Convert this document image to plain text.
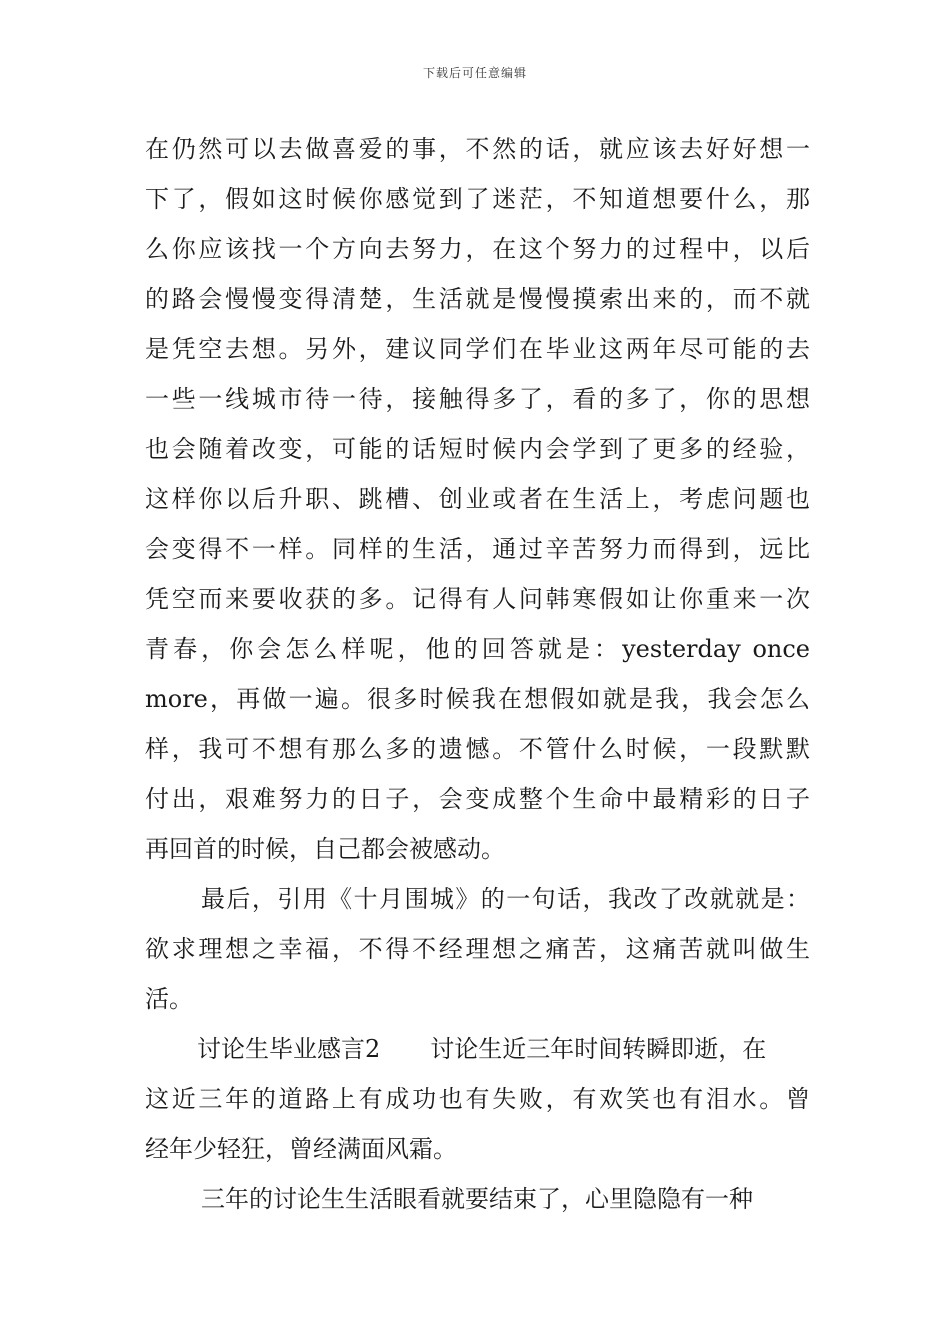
下载后可任意编辑
在仍然可以去做喜爱的事，不然的话，就应该去好好想一
下了，假如这时候你感觉到了迷茫，不知道想要什么，那
么你应该找一个方向去努力，在这个努力的过程中，以后
的路会慢慢变得清楚，生活就是慢慢摸索出来的，而不就
是凭空去想。另外，建议同学们在毕业这两年尽可能的去
一些一线城市待一待，接触得多了，看的多了，你的思想
也会随着改变，可能的话短时候内会学到了更多的经验，
这样你以后升职、跳槽、创业或者在生活上，考虑问题也
会变得不一样。同样的生活，通过辛苦努力而得到，远比
凭空而来要收获的多。记得有人问韩寒假如让你重来一次
青春，你会怎么样呢，他的回答就是：yesterday once
more，再做一遍。很多时候我在想假如就是我，我会怎么
样，我可不想有那么多的遗憾。不管什么时候，一段默默
付出，艰难努力的日子，会变成整个生命中最精彩的日子
再回首的时候，自己都会被感动。
最后，引用《十月围城》的一句话，我改了改就就是：
欲求理想之幸福，不得不经理想之痛苦，这痛苦就叫做生
活。
讨论生毕业感言2 讨论生近三年时间转瞬即逝，在
这近三年的道路上有成功也有失败，有欢笑也有泪水。曾
经年少轻狂，曾经满面风霜。
三年的讨论生生活眼看就要结束了，心里隐隐有一种
